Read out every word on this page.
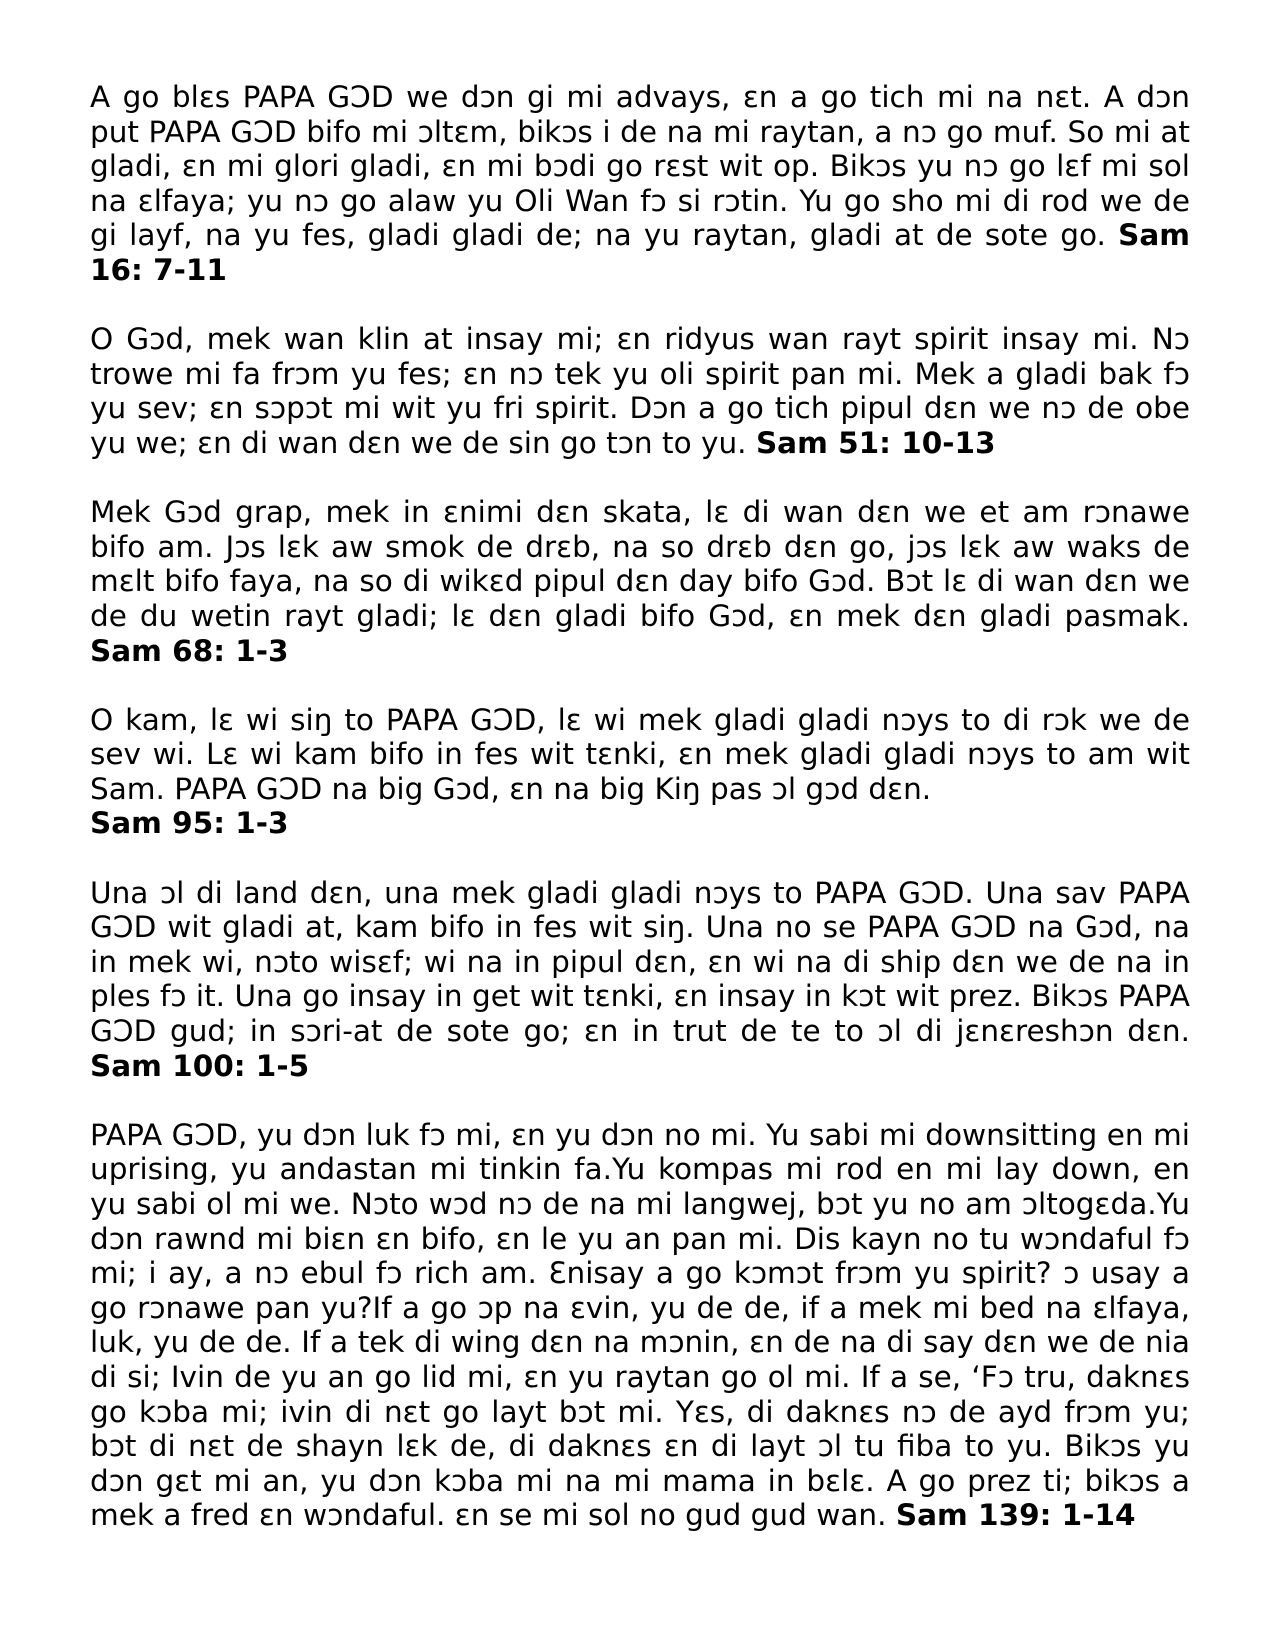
A go blɛs PAPA GƆD we dɔn gi mi advays, ɛn a go tich mi na nɛt. A dɔn put PAPA GƆD bifo mi ɔltɛm, bikɔs i de na mi raytan, a nɔ go muf. So mi at gladi, ɛn mi glori gladi, ɛn mi bɔdi go rɛst wit op. Bikɔs yu nɔ go lɛf mi sol na ɛlfaya; yu nɔ go alaw yu Oli Wan fɔ si rɔtin. Yu go sho mi di rod we de gi layf, na yu fes, gladi gladi de; na yu raytan, gladi at de sote go. Sam 16: 7-11

O Gɔd, mek wan klin at insay mi; ɛn ridyus wan rayt spirit insay mi. Nɔ trowe mi fa frɔm yu fes; ɛn nɔ tek yu oli spirit pan mi. Mek a gladi bak fɔ yu sev; ɛn sɔpɔt mi wit yu fri spirit. Dɔn a go tich pipul dɛn we nɔ de obe yu we; ɛn di wan dɛn we de sin go tɔn to yu. Sam 51: 10-13

Mek Gɔd grap, mek in ɛnimi dɛn skata, lɛ di wan dɛn we et am rɔnawe bifo am. Jɔs lɛk aw smok de drɛb, na so drɛb dɛn go, jɔs lɛk aw waks de mɛlt bifo faya, na so di wikɛd pipul dɛn day bifo Gɔd. Bɔt lɛ di wan dɛn we de du wetin rayt gladi; lɛ dɛn gladi bifo Gɔd, ɛn mek dɛn gladi pasmak. Sam 68: 1-3

O kam, lɛ wi siŋ to PAPA GƆD, lɛ wi mek gladi gladi nɔys to di rɔk we de sev wi. Lɛ wi kam bifo in fes wit tɛnki, ɛn mek gladi gladi nɔys to am wit Sam. PAPA GƆD na big Gɔd, ɛn na big Kiŋ pas ɔl gɔd dɛn.
Sam 95: 1-3

Una ɔl di land dɛn, una mek gladi gladi nɔys to PAPA GƆD. Una sav PAPA GƆD wit gladi at, kam bifo in fes wit siŋ. Una no se PAPA GƆD na Gɔd, na in mek wi, nɔto wisɛf; wi na in pipul dɛn, ɛn wi na di ship dɛn we de na in ples fɔ it. Una go insay in get wit tɛnki, ɛn insay in kɔt wit prez. Bikɔs PAPA GƆD gud; in sɔri-at de sote go; ɛn in trut de te to ɔl di jɛnɛreshɔn dɛn. Sam 100: 1-5

PAPA GƆD, yu dɔn luk fɔ mi, ɛn yu dɔn no mi. Yu sabi mi downsitting en mi uprising, yu andastan mi tinkin fa.Yu kompas mi rod en mi lay down, en yu sabi ol mi we. Nɔto wɔd nɔ de na mi langwej, bɔt yu no am ɔltogɛda.Yu dɔn rawnd mi biɛn ɛn bifo, ɛn le yu an pan mi. Dis kayn no tu wɔndaful fɔ mi; i ay, a nɔ ebul fɔ rich am. Ɛnisay a go kɔmɔt frɔm yu spirit? ɔ usay a go rɔnawe pan yu?If a go ɔp na ɛvin, yu de de, if a mek mi bed na ɛlfaya, luk, yu de de. If a tek di wing dɛn na mɔnin, ɛn de na di say dɛn we de nia di si; Ivin de yu an go lid mi, ɛn yu raytan go ol mi. If a se, ‘Fɔ tru, daknɛs go kɔba mi; ivin di nɛt go layt bɔt mi. Yɛs, di daknɛs nɔ de ayd frɔm yu; bɔt di nɛt de shayn lɛk de, di daknɛs ɛn di layt ɔl tu fiba to yu. Bikɔs yu dɔn gɛt mi an, yu dɔn kɔba mi na mi mama in bɛlɛ. A go prez ti; bikɔs a mek a fred ɛn wɔndaful. ɛn se mi sol no gud gud wan. Sam 139: 1-14
